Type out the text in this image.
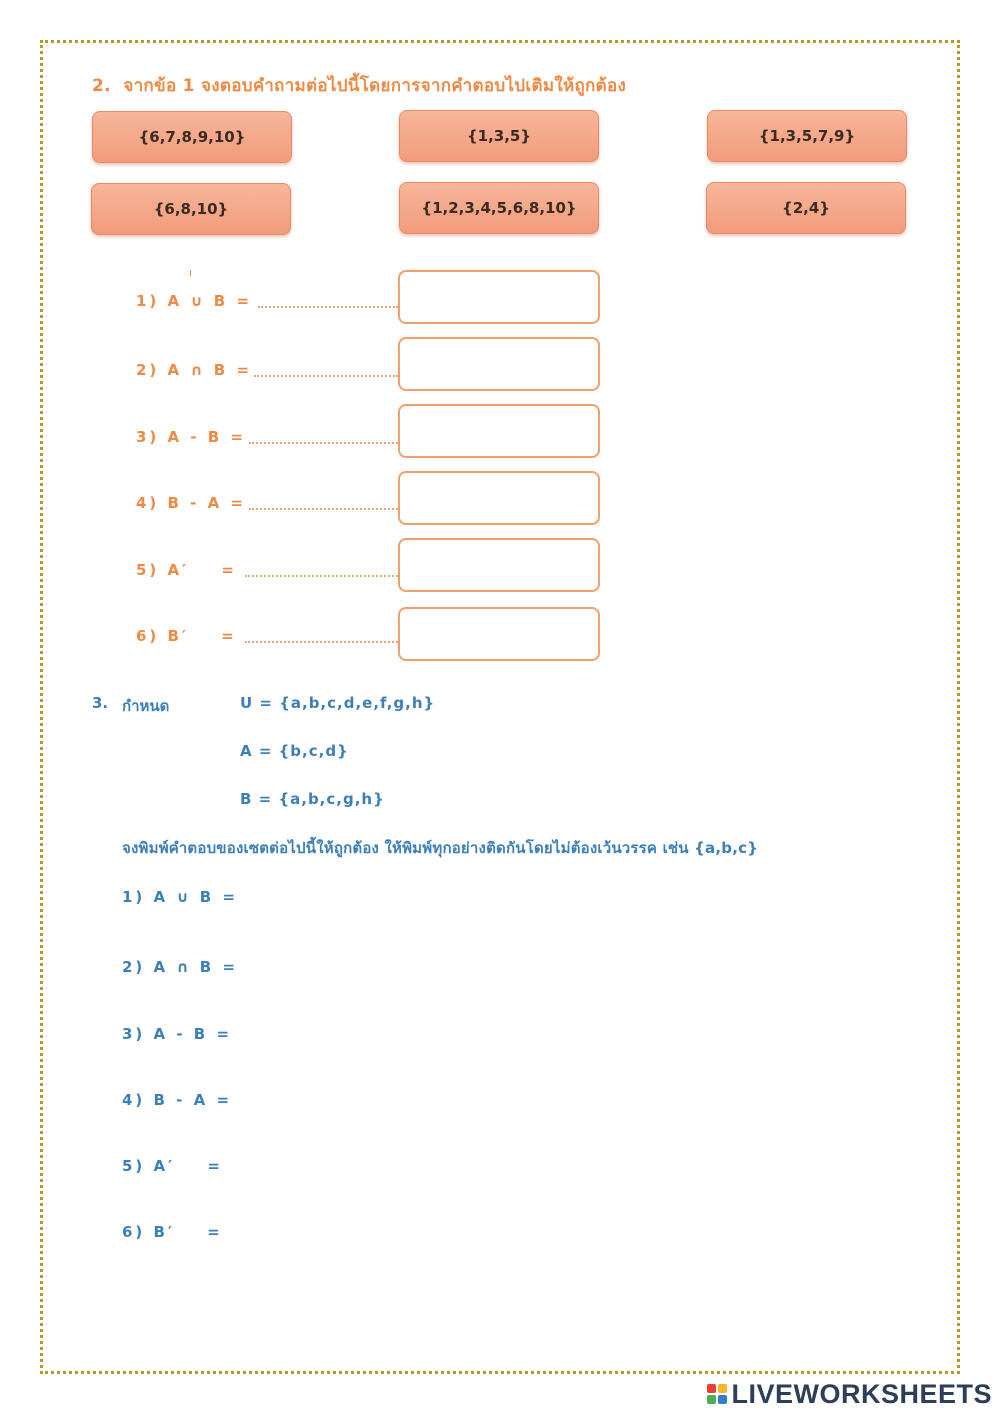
2. จากข้อ 1 จงตอบคำถามต่อไปนี้โดยการจากคำตอบไปเติมให้ถูกต้อง
{6,7,8,9,10}	{1,3,5}	{1,3,5,7,9}
{6,8,10}	{1,2,3,4,5,6,8,10}	{2,4}
1) A ∪ B =
2) A ∩ B =
3) A - B =
4) B - A =
5) A′ =
6) B′ =
3. กำหนด	U = {a,b,c,d,e,f,g,h}
A = {b,c,d}
B = {a,b,c,g,h}
จงพิมพ์คำตอบของเซตต่อไปนี้ให้ถูกต้อง ให้พิมพ์ทุกอย่างติดกันโดยไม่ต้องเว้นวรรค เช่น {a,b,c}
1) A ∪ B =
2) A ∩ B =
3) A - B =
4) B - A =
5) A′ =
6) B′ =
LIVEWORKSHEETS
